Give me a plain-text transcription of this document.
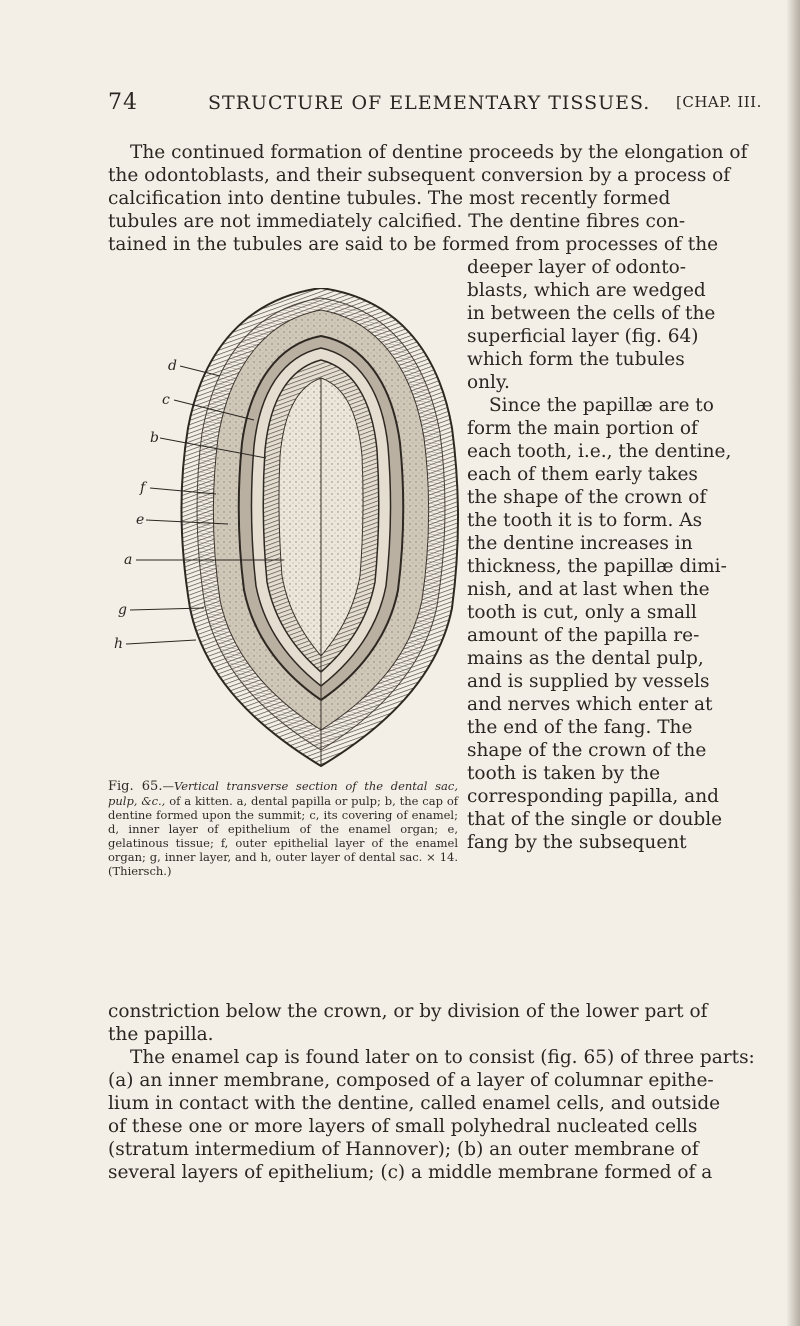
74	STRUCTURE OF ELEMENTARY TISSUES. [CHAP. III.
The continued formation of dentine proceeds by the elongation of
the odontoblasts, and their subsequent conversion by a process of
calcification into dentine tubules. The most recently formed
tubules are not immediately calcified. The dentine fibres con-
tained in the tubules are said to be formed from processes of the
deeper layer of odonto-
blasts, which are wedged
in between the cells of the
superficial layer (fig. 64)
which form the tubules
only.
Since the papillæ are to
form the main portion of
each tooth, i.e., the dentine,
each of them early takes
the shape of the crown of
the tooth it is to form. As
the dentine increases in
thickness, the papillæ dimi-
nish, and at last when the
tooth is cut, only a small
amount of the papilla re-
mains as the dental pulp,
and is supplied by vessels
and nerves which enter at
the end of the fang. The
shape of the crown of the
tooth is taken by the
corresponding papilla, and
that of the single or double
fang by the subsequent
d
c
b
f
e
a
g
h
Fig. 65.—Vertical transverse section of the dental sac, pulp, &c., of a kitten. a, dental papilla or pulp; b, the cap of dentine formed upon the summit; c, its covering of enamel; d, inner layer of epithelium of the enamel organ; e, gelatinous tissue; f, outer epithelial layer of the enamel organ; g, inner layer, and h, outer layer of dental sac. × 14. (Thiersch.)
constriction below the crown, or by division of the lower part of
the papilla.
The enamel cap is found later on to consist (fig. 65) of three parts:
(a) an inner membrane, composed of a layer of columnar epithe-
lium in contact with the dentine, called enamel cells, and outside
of these one or more layers of small polyhedral nucleated cells
(stratum intermedium of Hannover); (b) an outer membrane of
several layers of epithelium; (c) a middle membrane formed of a
